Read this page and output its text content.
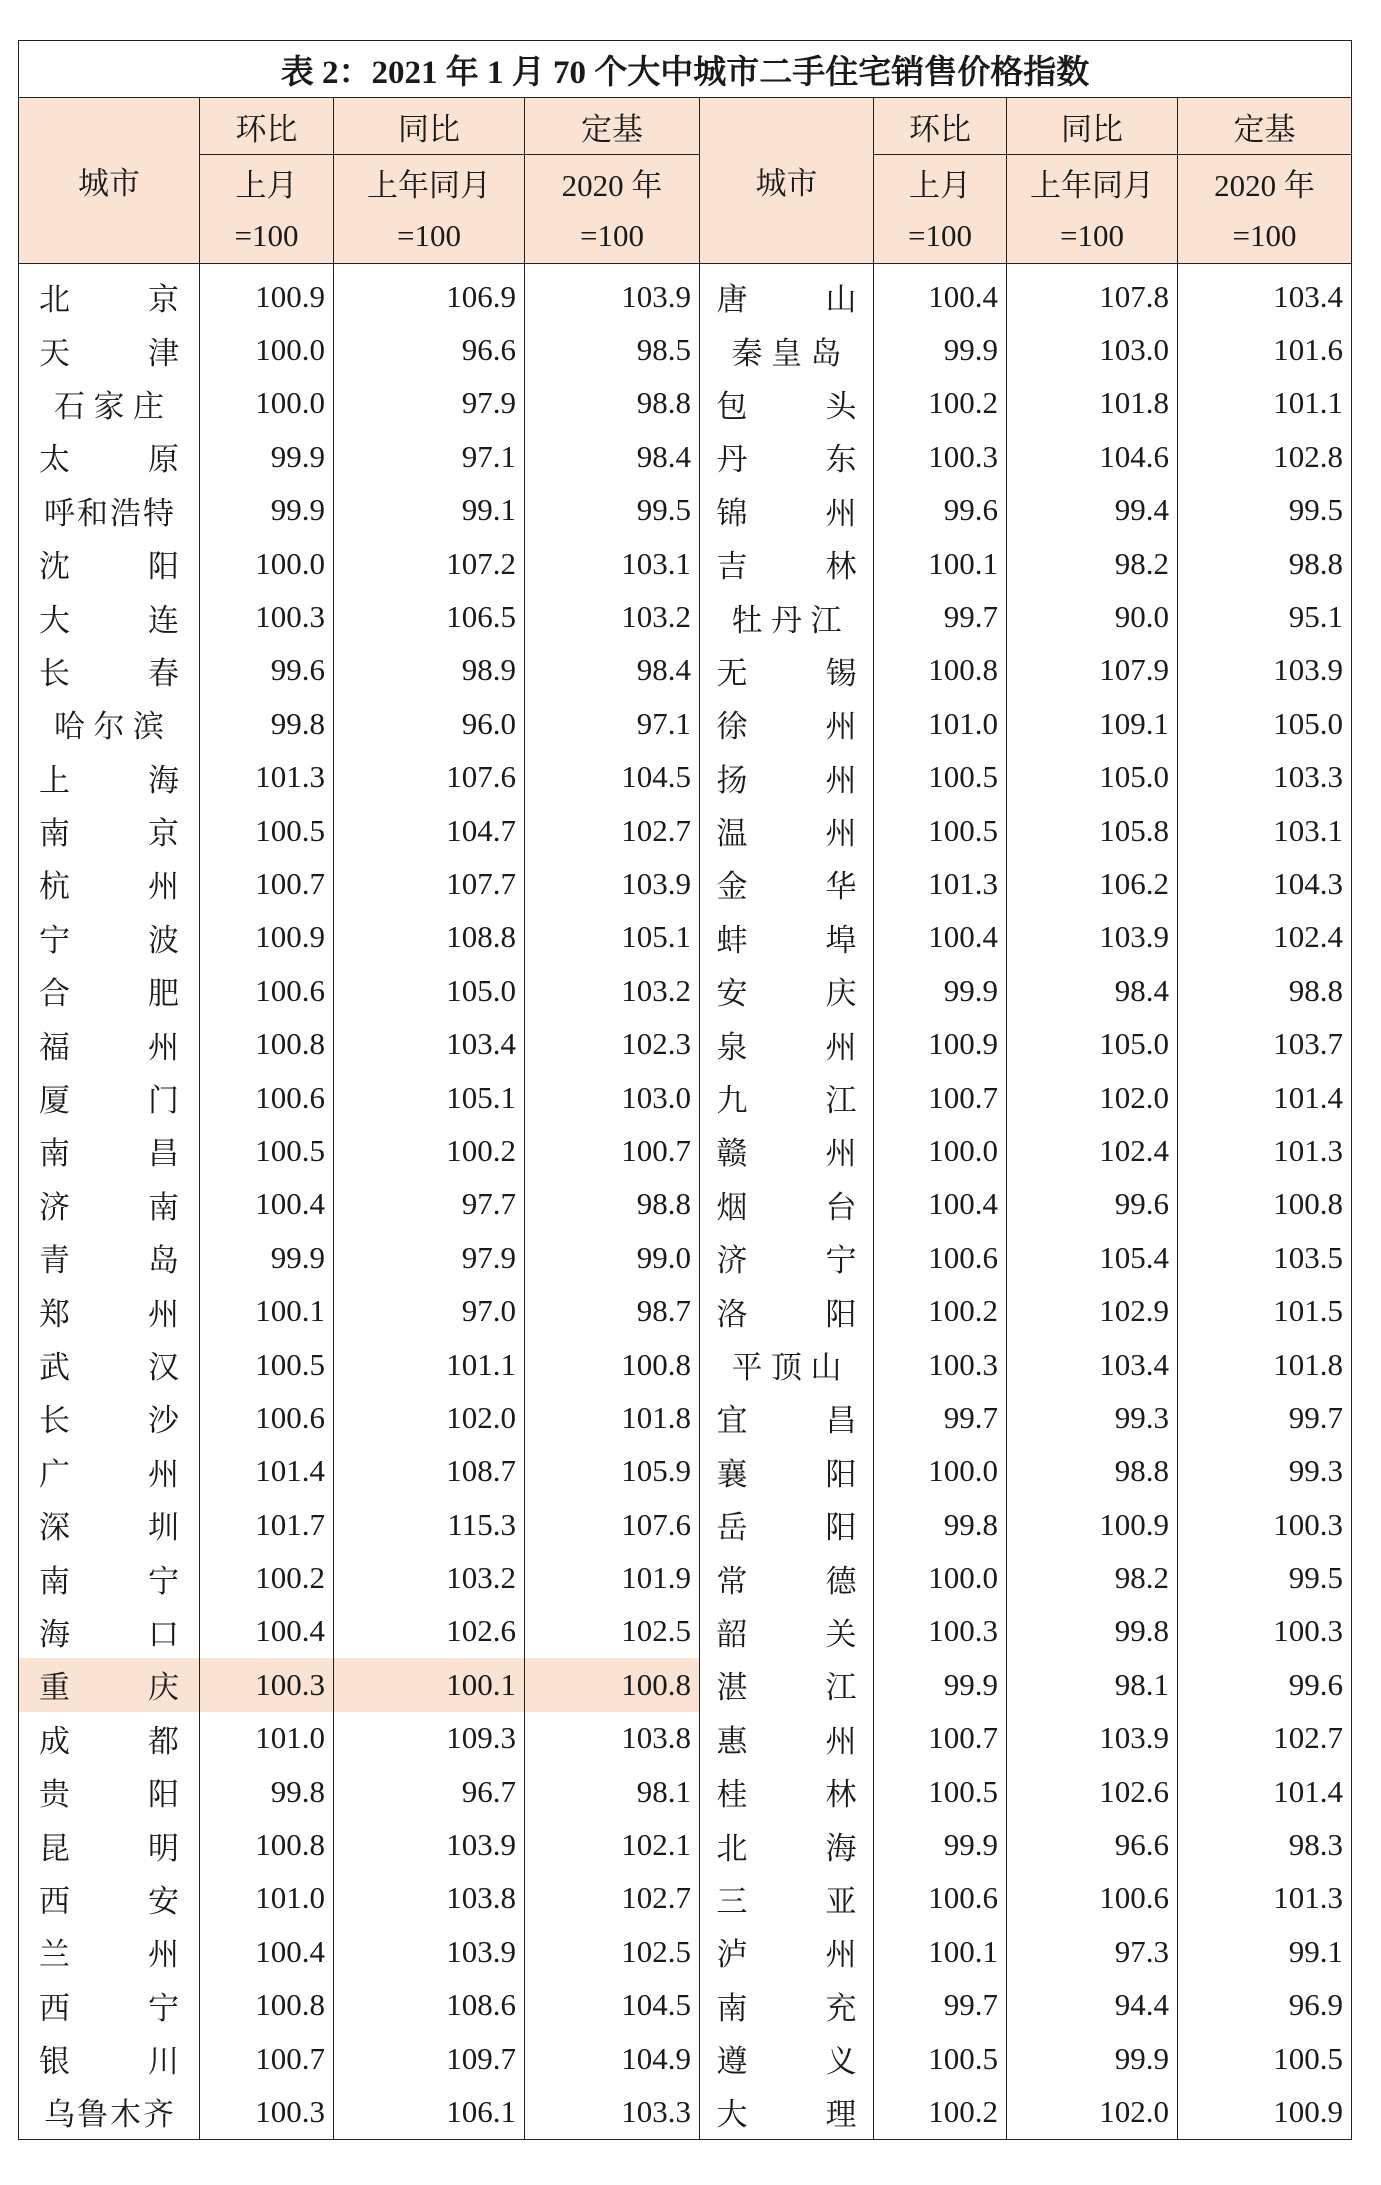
表 2：2021 年 1 月 70 个大中城市二手住宅销售价格指数							
城市	环比	同比	定基	城市	环比	同比	定基
	上月	上年同月	2020 年		上月	上年同月	2020 年
	=100	=100	=100		=100	=100	=100
北京	100.9	106.9	103.9	唐山	100.4	107.8	103.4
天津	100.0	96.6	98.5	秦皇岛	99.9	103.0	101.6
石家庄	100.0	97.9	98.8	包头	100.2	101.8	101.1
太原	99.9	97.1	98.4	丹东	100.3	104.6	102.8
呼和浩特	99.9	99.1	99.5	锦州	99.6	99.4	99.5
沈阳	100.0	107.2	103.1	吉林	100.1	98.2	98.8
大连	100.3	106.5	103.2	牡丹江	99.7	90.0	95.1
长春	99.6	98.9	98.4	无锡	100.8	107.9	103.9
哈尔滨	99.8	96.0	97.1	徐州	101.0	109.1	105.0
上海	101.3	107.6	104.5	扬州	100.5	105.0	103.3
南京	100.5	104.7	102.7	温州	100.5	105.8	103.1
杭州	100.7	107.7	103.9	金华	101.3	106.2	104.3
宁波	100.9	108.8	105.1	蚌埠	100.4	103.9	102.4
合肥	100.6	105.0	103.2	安庆	99.9	98.4	98.8
福州	100.8	103.4	102.3	泉州	100.9	105.0	103.7
厦门	100.6	105.1	103.0	九江	100.7	102.0	101.4
南昌	100.5	100.2	100.7	赣州	100.0	102.4	101.3
济南	100.4	97.7	98.8	烟台	100.4	99.6	100.8
青岛	99.9	97.9	99.0	济宁	100.6	105.4	103.5
郑州	100.1	97.0	98.7	洛阳	100.2	102.9	101.5
武汉	100.5	101.1	100.8	平顶山	100.3	103.4	101.8
长沙	100.6	102.0	101.8	宜昌	99.7	99.3	99.7
广州	101.4	108.7	105.9	襄阳	100.0	98.8	99.3
深圳	101.7	115.3	107.6	岳阳	99.8	100.9	100.3
南宁	100.2	103.2	101.9	常德	100.0	98.2	99.5
海口	100.4	102.6	102.5	韶关	100.3	99.8	100.3
重庆	100.3	100.1	100.8	湛江	99.9	98.1	99.6
成都	101.0	109.3	103.8	惠州	100.7	103.9	102.7
贵阳	99.8	96.7	98.1	桂林	100.5	102.6	101.4
昆明	100.8	103.9	102.1	北海	99.9	96.6	98.3
西安	101.0	103.8	102.7	三亚	100.6	100.6	101.3
兰州	100.4	103.9	102.5	泸州	100.1	97.3	99.1
西宁	100.8	108.6	104.5	南充	99.7	94.4	96.9
银川	100.7	109.7	104.9	遵义	100.5	99.9	100.5
乌鲁木齐	100.3	106.1	103.3	大理	100.2	102.0	100.9
